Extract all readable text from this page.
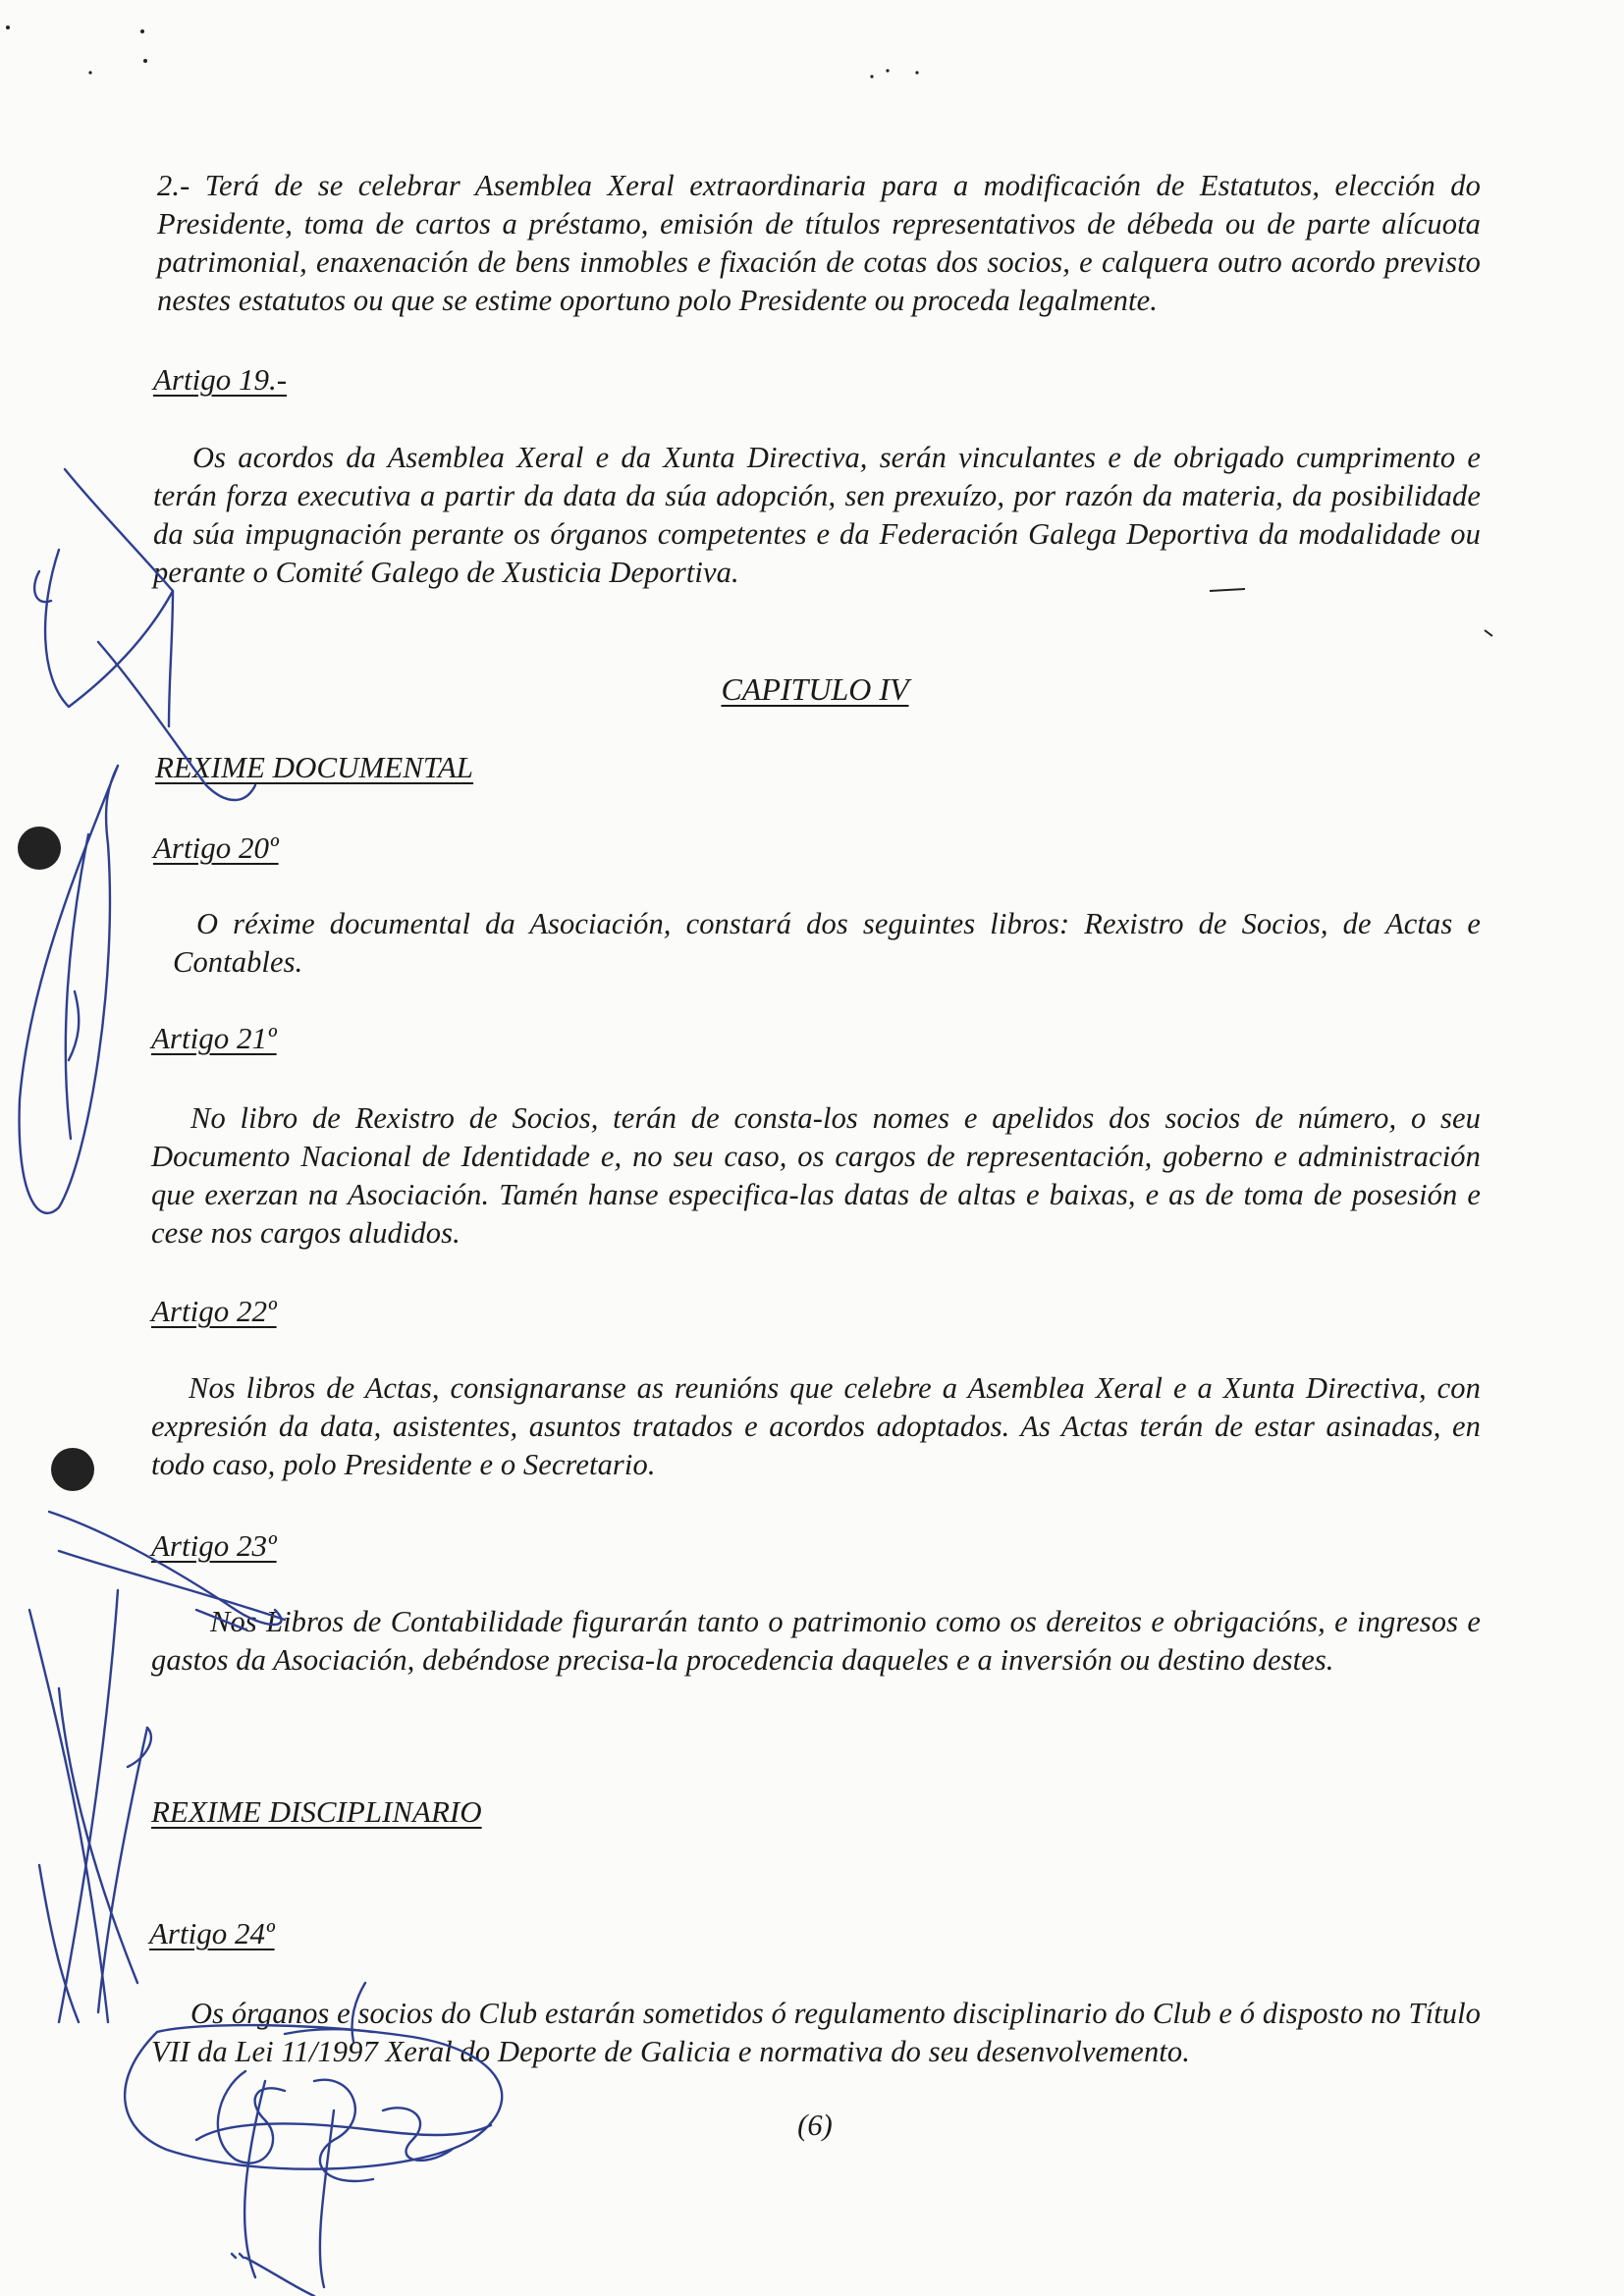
2.- Terá de se celebrar Asemblea Xeral extraordinaria para a modificación de Estatutos, elección do Presidente, toma de cartos a préstamo, emisión de títulos representativos de débeda ou de parte alícuota patrimonial, enaxenación de bens inmobles e fixación de cotas dos socios, e calquera outro acordo previsto nestes estatutos ou que se estime oportuno polo Presidente ou proceda legalmente.

Artigo 19.-

Os acordos da Asemblea Xeral e da Xunta Directiva, serán vinculantes e de obrigado cumprimento e terán forza executiva a partir da data da súa adopción, sen prexuízo, por razón da materia, da posibilidade da súa impugnación perante os órganos competentes e da Federación Galega Deportiva da modalidade ou perante o Comité Galego de Xusticia Deportiva.

CAPITULO IV
REXIME DOCUMENTAL
Artigo 20º

O réxime documental da Asociación, constará dos seguintes libros: Rexistro de Socios, de Actas e Contables.

Artigo 21º

No libro de Rexistro de Socios, terán de consta-los nomes e apelidos dos socios de número, o seu Documento Nacional de Identidade e, no seu caso, os cargos de representación, goberno e administración que exerzan na Asociación. Tamén hanse especifica-las datas de altas e baixas, e as de toma de posesión e cese nos cargos aludidos.

Artigo 22º

Nos libros de Actas, consignaranse as reunións que celebre a Asemblea Xeral e a Xunta Directiva, con expresión da data, asistentes, asuntos tratados e acordos adoptados. As Actas terán de estar asinadas, en todo caso, polo Presidente e o Secretario.

Artigo 23º

Nos Libros de Contabilidade figurarán tanto o patrimonio como os dereitos e obrigacións, e ingresos e gastos da Asociación, debéndose precisa-la procedencia daqueles e a inversión ou destino destes.

REXIME DISCIPLINARIO
Artigo 24º

Os órganos e socios do Club estarán sometidos ó regulamento disciplinario do Club e ó disposto no Título VII da Lei 11/1997 Xeral do Deporte de Galicia e normativa do seu desenvolvemento.

(6)
